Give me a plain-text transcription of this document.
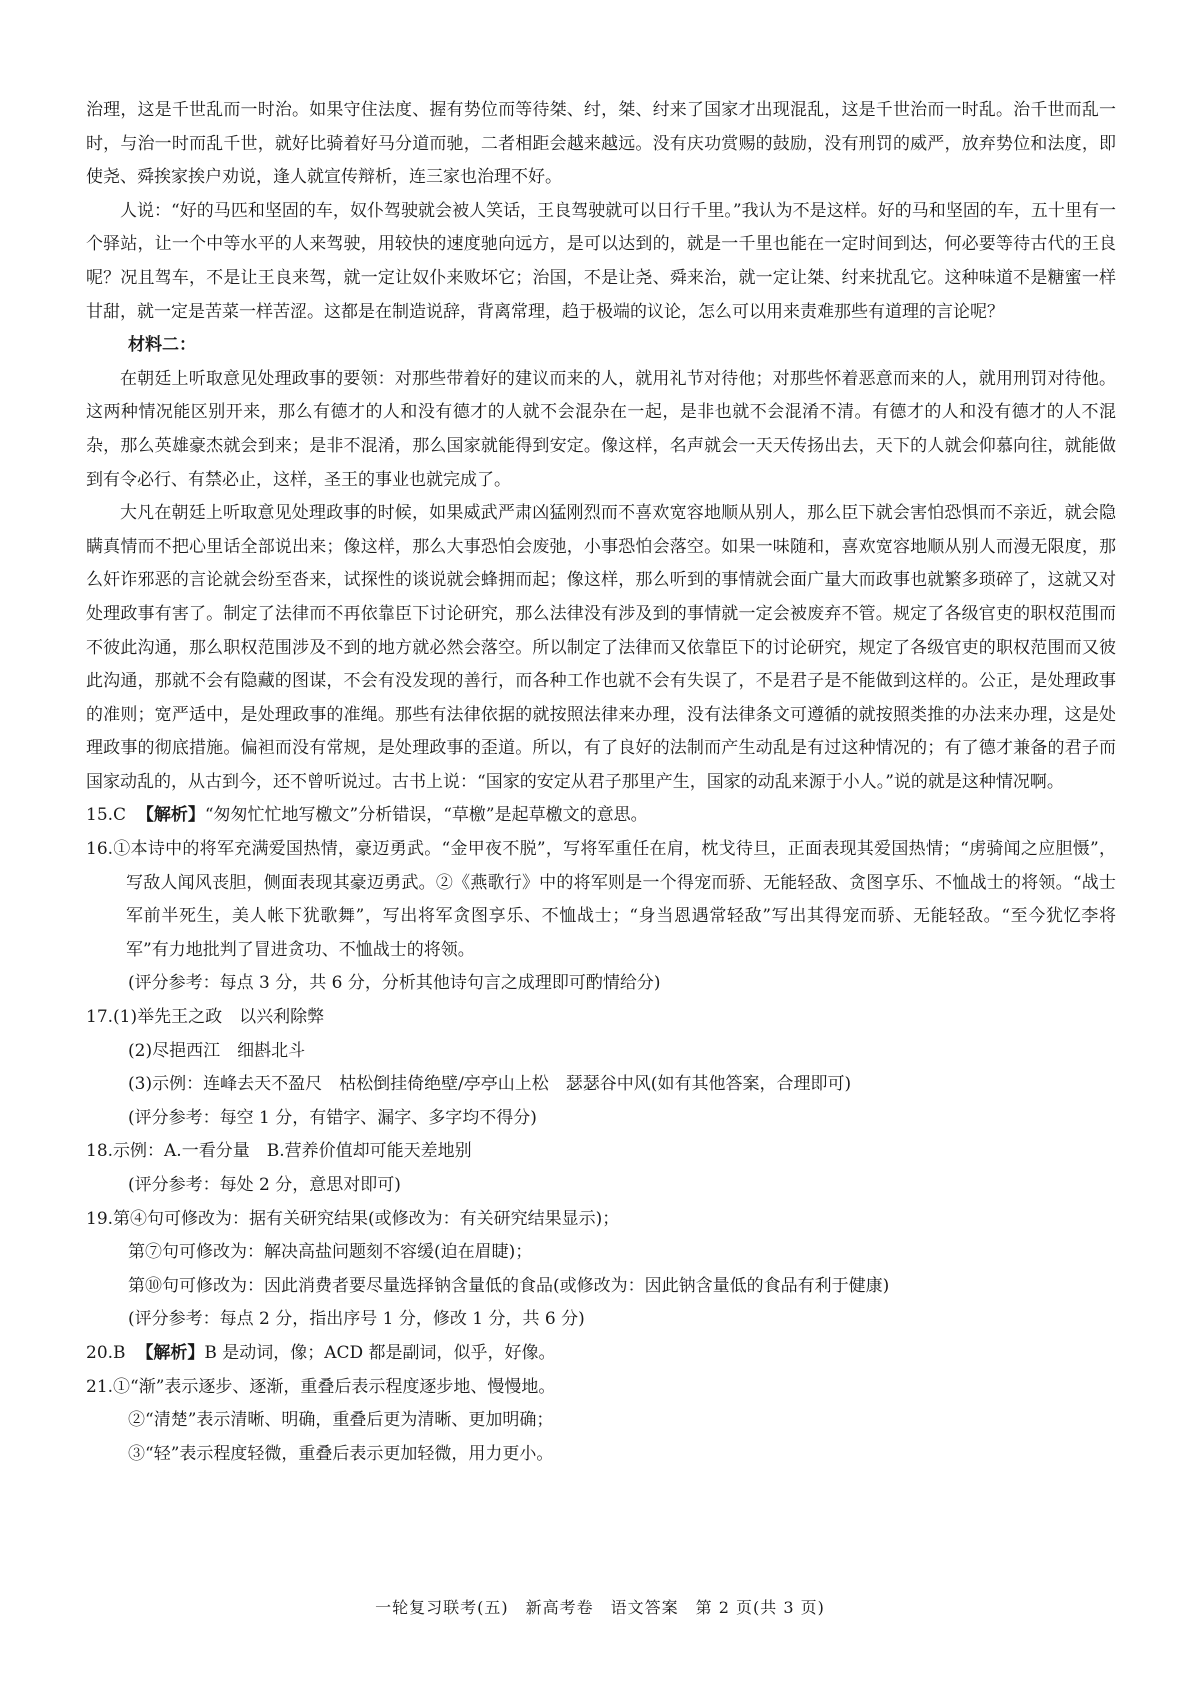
治理，这是千世乱而一时治。如果守住法度、握有势位而等待桀、纣，桀、纣来了国家才出现混乱，这是千世治而一时乱。治千世而乱一时，与治一时而乱千世，就好比骑着好马分道而驰，二者相距会越来越远。没有庆功赏赐的鼓励，没有刑罚的威严，放弃势位和法度，即使尧、舜挨家挨户劝说，逢人就宣传辩析，连三家也治理不好。

人说：“好的马匹和坚固的车，奴仆驾驶就会被人笑话，王良驾驶就可以日行千里。”我认为不是这样。好的马和坚固的车，五十里有一个驿站，让一个中等水平的人来驾驶，用较快的速度驰向远方，是可以达到的，就是一千里也能在一定时间到达，何必要等待古代的王良呢？况且驾车，不是让王良来驾，就一定让奴仆来败坏它；治国，不是让尧、舜来治，就一定让桀、纣来扰乱它。这种味道不是糖蜜一样甘甜，就一定是苦菜一样苦涩。这都是在制造说辞，背离常理，趋于极端的议论，怎么可以用来责难那些有道理的言论呢？

材料二：

在朝廷上听取意见处理政事的要领：对那些带着好的建议而来的人，就用礼节对待他；对那些怀着恶意而来的人，就用刑罚对待他。这两种情况能区别开来，那么有德才的人和没有德才的人就不会混杂在一起，是非也就不会混淆不清。有德才的人和没有德才的人不混杂，那么英雄豪杰就会到来；是非不混淆，那么国家就能得到安定。像这样，名声就会一天天传扬出去，天下的人就会仰慕向往，就能做到有令必行、有禁必止，这样，圣王的事业也就完成了。

大凡在朝廷上听取意见处理政事的时候，如果威武严肃凶猛刚烈而不喜欢宽容地顺从别人，那么臣下就会害怕恐惧而不亲近，就会隐瞒真情而不把心里话全部说出来；像这样，那么大事恐怕会废弛，小事恐怕会落空。如果一味随和，喜欢宽容地顺从别人而漫无限度，那么奸诈邪恶的言论就会纷至沓来，试探性的谈说就会蜂拥而起；像这样，那么听到的事情就会面广量大而政事也就繁多琐碎了，这就又对处理政事有害了。制定了法律而不再依靠臣下讨论研究，那么法律没有涉及到的事情就一定会被废弃不管。规定了各级官吏的职权范围而不彼此沟通，那么职权范围涉及不到的地方就必然会落空。所以制定了法律而又依靠臣下的讨论研究，规定了各级官吏的职权范围而又彼此沟通，那就不会有隐藏的图谋，不会有没发现的善行，而各种工作也就不会有失误了，不是君子是不能做到这样的。公正，是处理政事的准则；宽严适中，是处理政事的准绳。那些有法律依据的就按照法律来办理，没有法律条文可遵循的就按照类推的办法来办理，这是处理政事的彻底措施。偏袒而没有常规，是处理政事的歪道。所以，有了良好的法制而产生动乱是有过这种情况的；有了德才兼备的君子而国家动乱的，从古到今，还不曾听说过。古书上说：“国家的安定从君子那里产生，国家的动乱来源于小人。”说的就是这种情况啊。

15.C 【解析】“匆匆忙忙地写檄文”分析错误，“草檄”是起草檄文的意思。

16.①本诗中的将军充满爱国热情，豪迈勇武。“金甲夜不脱”，写将军重任在肩，枕戈待旦，正面表现其爱国热情；“虏骑闻之应胆慑”，写敌人闻风丧胆，侧面表现其豪迈勇武。②《燕歌行》中的将军则是一个得宠而骄、无能轻敌、贪图享乐、不恤战士的将领。“战士军前半死生，美人帐下犹歌舞”，写出将军贪图享乐、不恤战士；“身当恩遇常轻敌”写出其得宠而骄、无能轻敌。“至今犹忆李将军”有力地批判了冒进贪功、不恤战士的将领。

(评分参考：每点 3 分，共 6 分，分析其他诗句言之成理即可酌情给分)

17.(1)举先王之政　以兴利除弊

(2)尽挹西江　细斟北斗

(3)示例：连峰去天不盈尺　枯松倒挂倚绝壁/亭亭山上松　瑟瑟谷中风(如有其他答案，合理即可)

(评分参考：每空 1 分，有错字、漏字、多字均不得分)

18.示例：A.一看分量　B.营养价值却可能天差地别

(评分参考：每处 2 分，意思对即可)

19.第④句可修改为：据有关研究结果(或修改为：有关研究结果显示)；

第⑦句可修改为：解决高盐问题刻不容缓(迫在眉睫)；

第⑩句可修改为：因此消费者要尽量选择钠含量低的食品(或修改为：因此钠含量低的食品有利于健康)

(评分参考：每点 2 分，指出序号 1 分，修改 1 分，共 6 分)

20.B 【解析】B 是动词，像；ACD 都是副词，似乎，好像。

21.①“渐”表示逐步、逐渐，重叠后表示程度逐步地、慢慢地。

②“清楚”表示清晰、明确，重叠后更为清晰、更加明确；

③“轻”表示程度轻微，重叠后表示更加轻微，用力更小。

一轮复习联考(五)　新高考卷　语文答案　第 2 页(共 3 页)
